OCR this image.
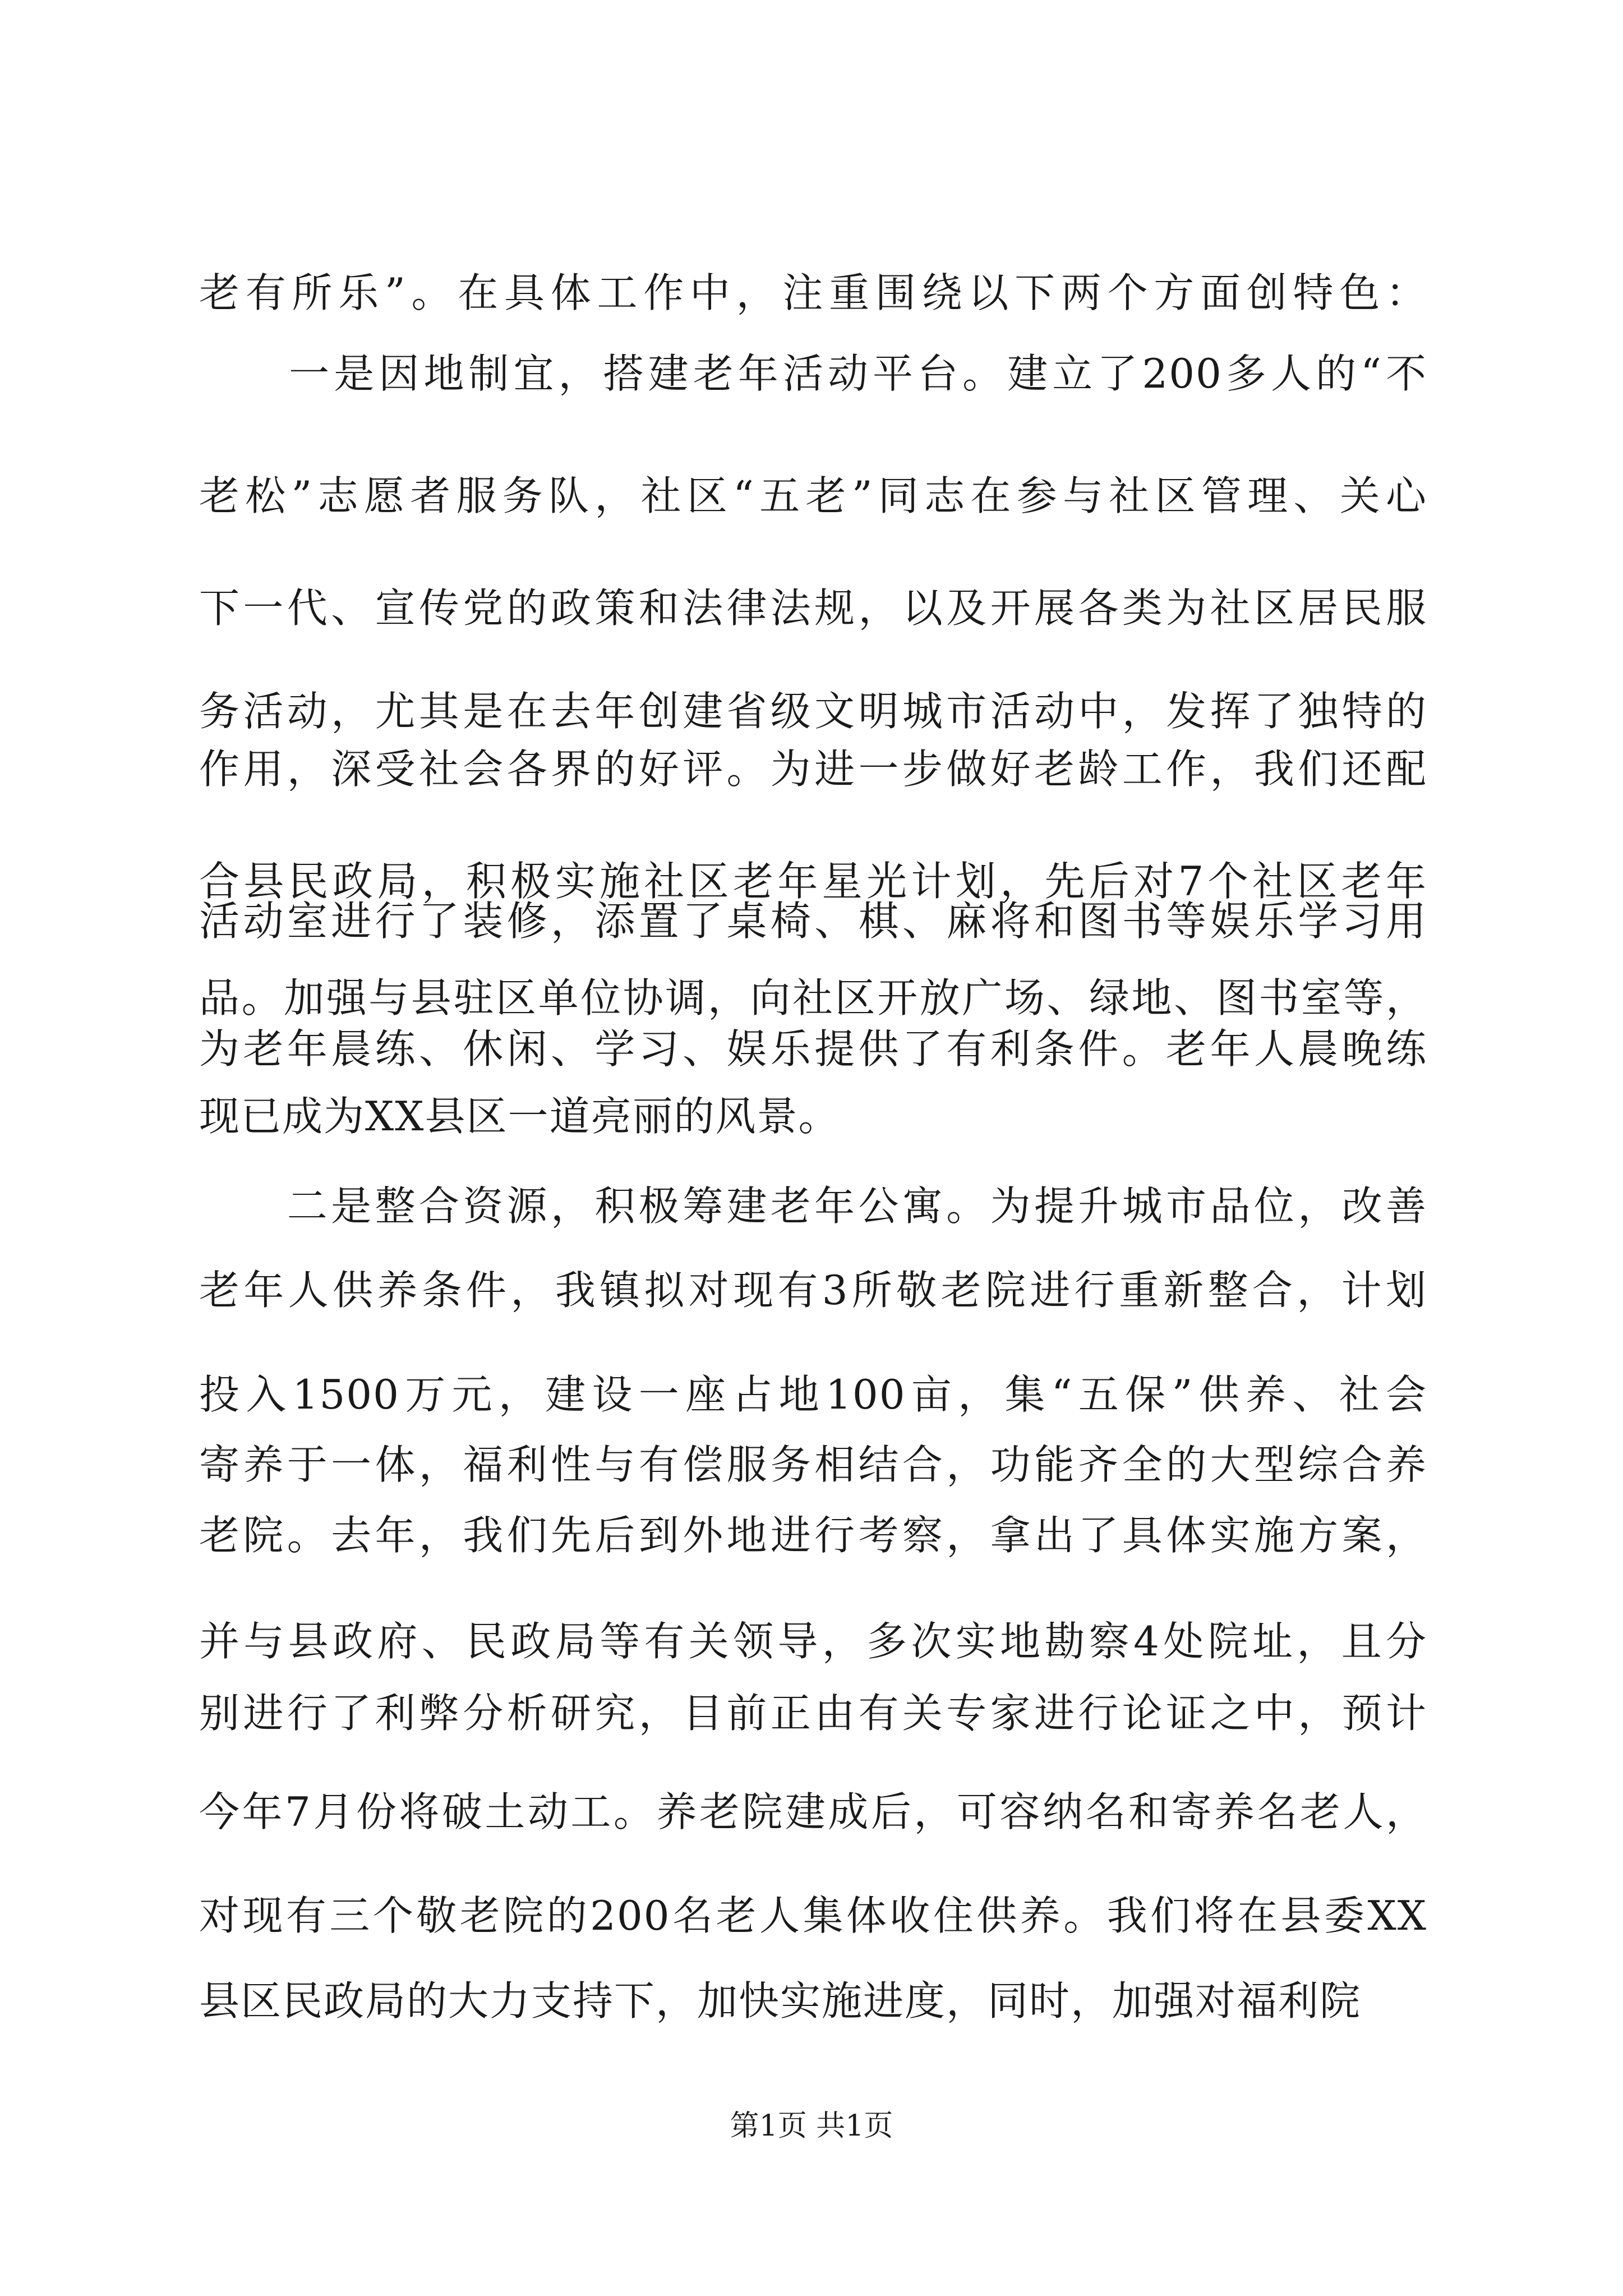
老有所乐”。在具体工作中，注重围绕以下两个方面创特色：
　　一是因地制宜，搭建老年活动平台。建立了200多人的“不
老松”志愿者服务队，社区“五老”同志在参与社区管理、关心
下一代、宣传党的政策和法律法规，以及开展各类为社区居民服
务活动，尤其是在去年创建省级文明城市活动中，发挥了独特的
作用，深受社会各界的好评。为进一步做好老龄工作，我们还配
合县民政局，积极实施社区老年星光计划，先后对7个社区老年
活动室进行了装修，添置了桌椅、棋、麻将和图书等娱乐学习用
品。加强与县驻区单位协调，向社区开放广场、绿地、图书室等，
为老年晨练、休闲、学习、娱乐提供了有利条件。老年人晨晚练
现已成为XX县区一道亮丽的风景。
　　二是整合资源，积极筹建老年公寓。为提升城市品位，改善
老年人供养条件，我镇拟对现有3所敬老院进行重新整合，计划
投入1500万元，建设一座占地100亩，集“五保”供养、社会
寄养于一体，福利性与有偿服务相结合，功能齐全的大型综合养
老院。去年，我们先后到外地进行考察，拿出了具体实施方案，
并与县政府、民政局等有关领导，多次实地勘察4处院址，且分
别进行了利弊分析研究，目前正由有关专家进行论证之中，预计
今年7月份将破土动工。养老院建成后，可容纳名和寄养名老人，
对现有三个敬老院的200名老人集体收住供养。我们将在县委XX
县区民政局的大力支持下，加快实施进度，同时，加强对福利院
第1页 共1页
